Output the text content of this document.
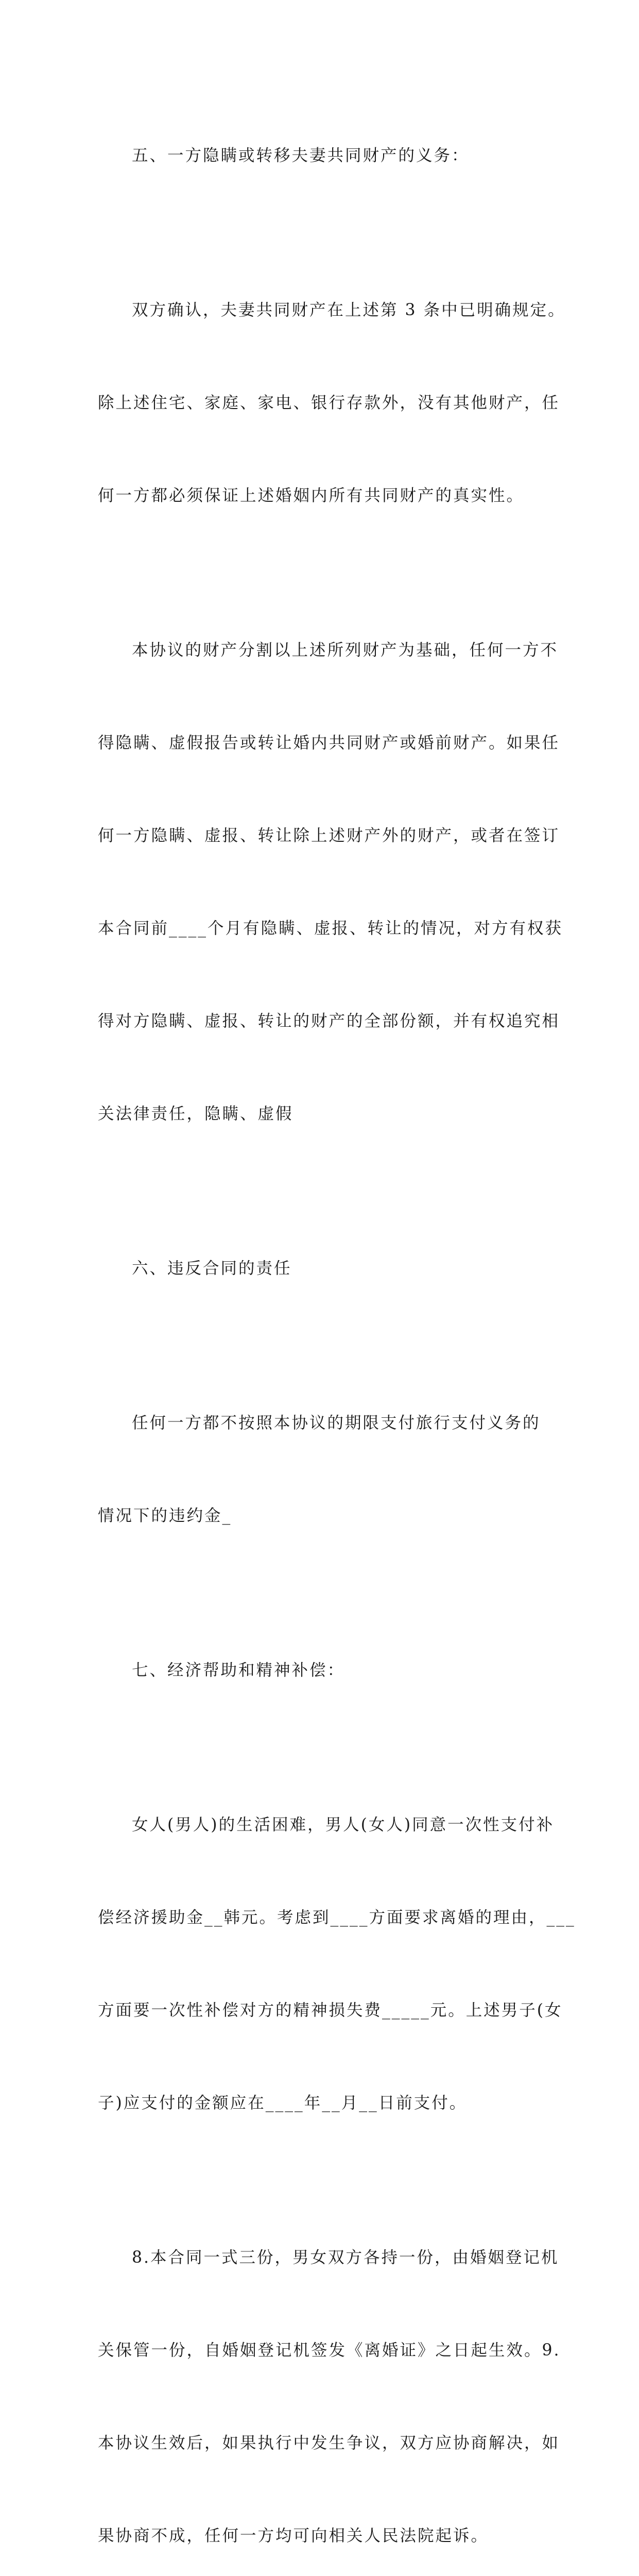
五、一方隐瞒或转移夫妻共同财产的义务：

双方确认，夫妻共同财产在上述第 3 条中已明确规定。

除上述住宅、家庭、家电、银行存款外，没有其他财产，任

何一方都必须保证上述婚姻内所有共同财产的真实性。

本协议的财产分割以上述所列财产为基础，任何一方不

得隐瞒、虚假报告或转让婚内共同财产或婚前财产。如果任

何一方隐瞒、虚报、转让除上述财产外的财产，或者在签订

本合同前____个月有隐瞒、虚报、转让的情况，对方有权获

得对方隐瞒、虚报、转让的财产的全部份额，并有权追究相

关法律责任，隐瞒、虚假

六、违反合同的责任

任何一方都不按照本协议的期限支付旅行支付义务的

情况下的违约金_

七、经济帮助和精神补偿：

女人(男人)的生活困难，男人(女人)同意一次性支付补

偿经济援助金__韩元。考虑到____方面要求离婚的理由，___

方面要一次性补偿对方的精神损失费_____元。上述男子(女

子)应支付的金额应在____年__月__日前支付。

8.本合同一式三份，男女双方各持一份，由婚姻登记机

关保管一份，自婚姻登记机签发《离婚证》之日起生效。9.

本协议生效后，如果执行中发生争议，双方应协商解决，如

果协商不成，任何一方均可向相关人民法院起诉。
